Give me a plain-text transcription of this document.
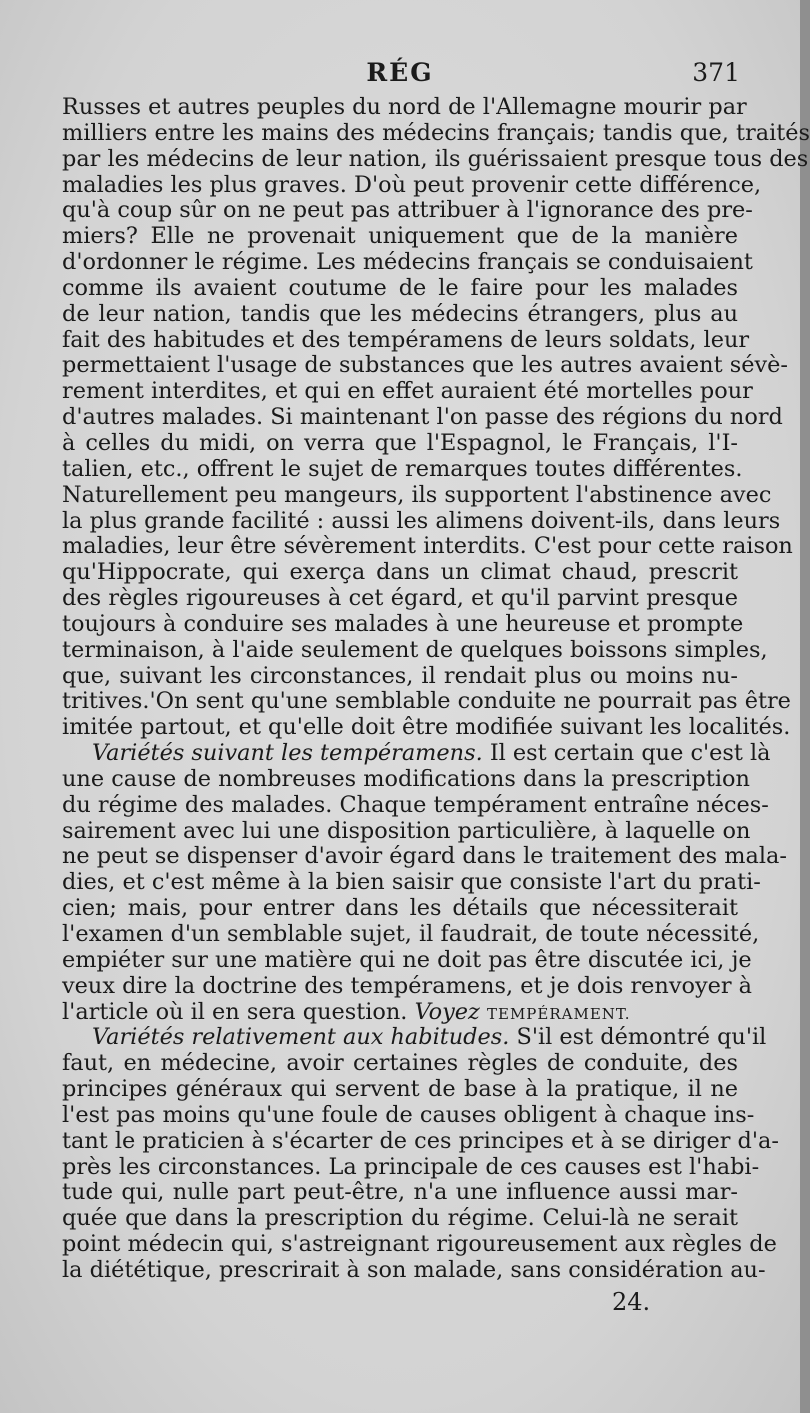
RÉG	371
Russes et autres peuples du nord de l'Allemagne mourir par
milliers entre les mains des médecins français; tandis que, traités
par les médecins de leur nation, ils guérissaient presque tous des
maladies les plus graves. D'où peut provenir cette différence,
qu'à coup sûr on ne peut pas attribuer à l'ignorance des pre-
miers? Elle ne provenait uniquement que de la manière
d'ordonner le régime. Les médecins français se conduisaient
comme ils avaient coutume de le faire pour les malades
de leur nation, tandis que les médecins étrangers, plus au
fait des habitudes et des tempéramens de leurs soldats, leur
permettaient l'usage de substances que les autres avaient sévè-
rement interdites, et qui en effet auraient été mortelles pour
d'autres malades. Si maintenant l'on passe des régions du nord
à celles du midi, on verra que l'Espagnol, le Français, l'I-
talien, etc., offrent le sujet de remarques toutes différentes.
Naturellement peu mangeurs, ils supportent l'abstinence avec
la plus grande facilité : aussi les alimens doivent-ils, dans leurs
maladies, leur être sévèrement interdits. C'est pour cette raison
qu'Hippocrate, qui exerça dans un climat chaud, prescrit
des règles rigoureuses à cet égard, et qu'il parvint presque
toujours à conduire ses malades à une heureuse et prompte
terminaison, à l'aide seulement de quelques boissons simples,
que, suivant les circonstances, il rendait plus ou moins nu-
tritives.'On sent qu'une semblable conduite ne pourrait pas être
imitée partout, et qu'elle doit être modifiée suivant les localités.
Variétés suivant les tempéramens. Il est certain que c'est là
une cause de nombreuses modifications dans la prescription
du régime des malades. Chaque tempérament entraîne néces-
sairement avec lui une disposition particulière, à laquelle on
ne peut se dispenser d'avoir égard dans le traitement des mala-
dies, et c'est même à la bien saisir que consiste l'art du prati-
cien; mais, pour entrer dans les détails que nécessiterait
l'examen d'un semblable sujet, il faudrait, de toute nécessité,
empiéter sur une matière qui ne doit pas être discutée ici, je
veux dire la doctrine des tempéramens, et je dois renvoyer à
l'article où il en sera question. Voyez TEMPÉRAMENT.
Variétés relativement aux habitudes. S'il est démontré qu'il
faut, en médecine, avoir certaines règles de conduite, des
principes généraux qui servent de base à la pratique, il ne
l'est pas moins qu'une foule de causes obligent à chaque ins-
tant le praticien à s'écarter de ces principes et à se diriger d'a-
près les circonstances. La principale de ces causes est l'habi-
tude qui, nulle part peut-être, n'a une influence aussi mar-
quée que dans la prescription du régime. Celui-là ne serait
point médecin qui, s'astreignant rigoureusement aux règles de
la diététique, prescrirait à son malade, sans considération au-
24.
